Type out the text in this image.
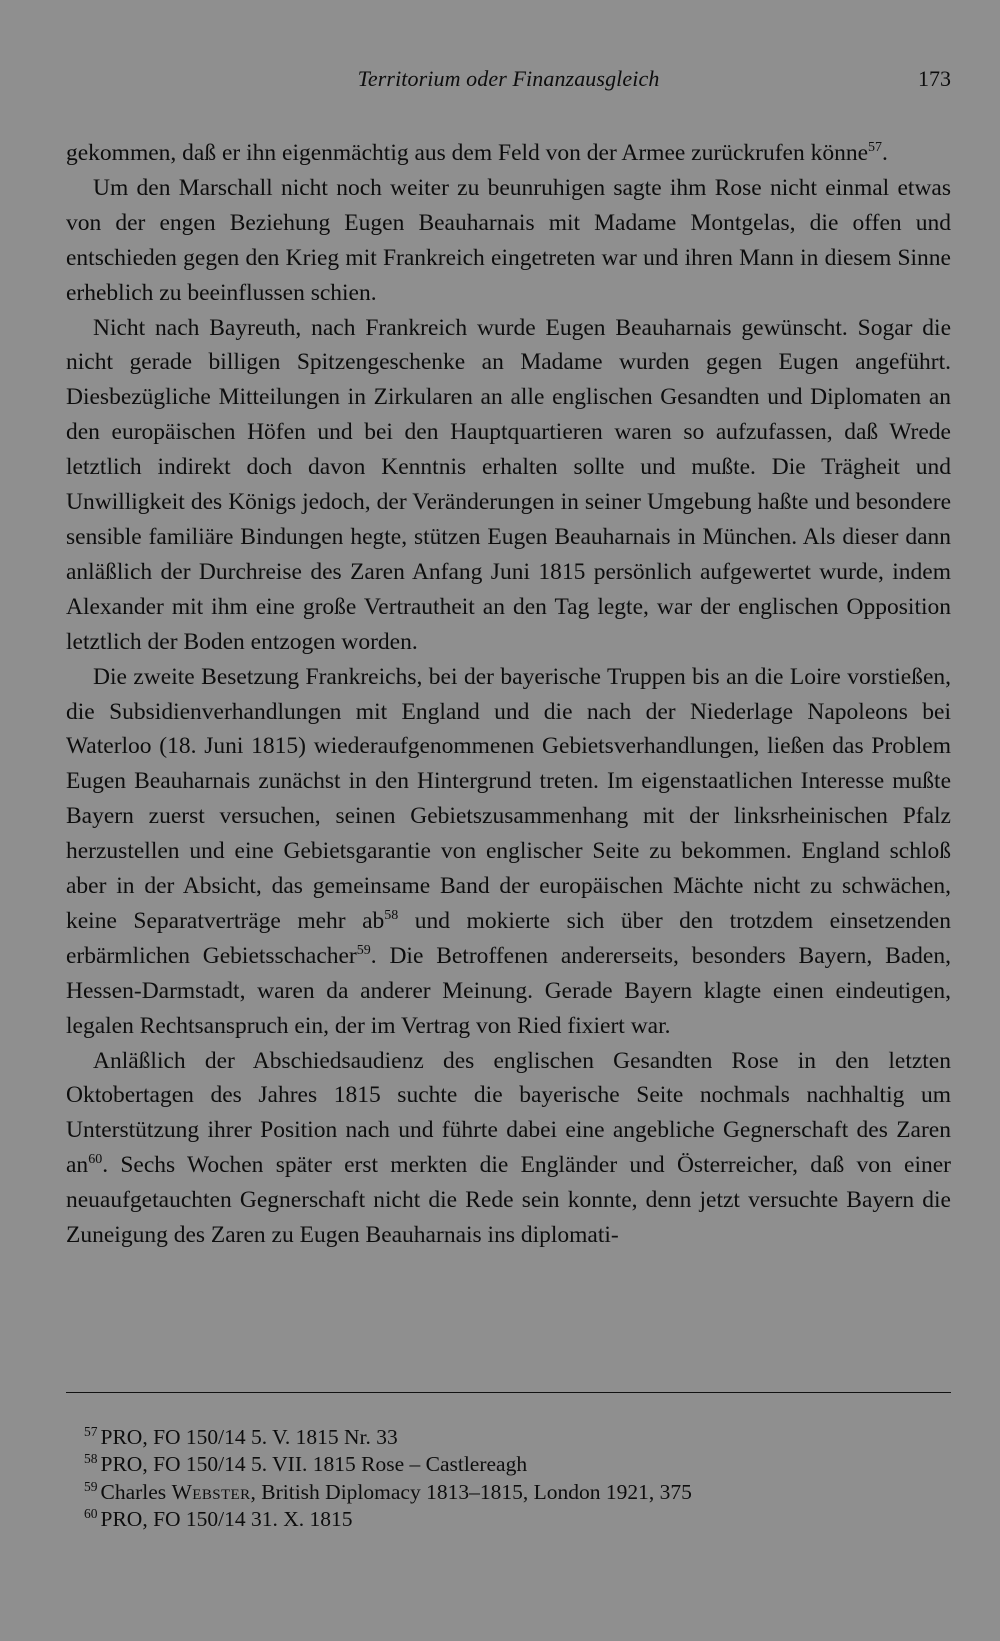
Territorium oder Finanzausgleich	173

gekommen, daß er ihn eigenmächtig aus dem Feld von der Armee zurückrufen könne$^{57}$.

Um den Marschall nicht noch weiter zu beunruhigen sagte ihm Rose nicht einmal etwas von der engen Beziehung Eugen Beauharnais mit Madame Montgelas, die offen und entschieden gegen den Krieg mit Frankreich eingetreten war und ihren Mann in diesem Sinne erheblich zu beeinflussen schien.

Nicht nach Bayreuth, nach Frankreich wurde Eugen Beauharnais gewünscht. Sogar die nicht gerade billigen Spitzengeschenke an Madame wurden gegen Eugen angeführt. Diesbezügliche Mitteilungen in Zirkularen an alle englischen Gesandten und Diplomaten an den europäischen Höfen und bei den Hauptquartieren waren so aufzufassen, daß Wrede letztlich indirekt doch davon Kenntnis erhalten sollte und mußte. Die Trägheit und Unwilligkeit des Königs jedoch, der Veränderungen in seiner Umgebung haßte und besondere sensible familiäre Bindungen hegte, stützen Eugen Beauharnais in München. Als dieser dann anläßlich der Durchreise des Zaren Anfang Juni 1815 persönlich aufgewertet wurde, indem Alexander mit ihm eine große Vertrautheit an den Tag legte, war der englischen Opposition letztlich der Boden entzogen worden.

Die zweite Besetzung Frankreichs, bei der bayerische Truppen bis an die Loire vorstießen, die Subsidienverhandlungen mit England und die nach der Niederlage Napoleons bei Waterloo (18. Juni 1815) wiederaufgenommenen Gebietsverhandlungen, ließen das Problem Eugen Beauharnais zunächst in den Hintergrund treten. Im eigenstaatlichen Interesse mußte Bayern zuerst versuchen, seinen Gebietszusammenhang mit der linksrheinischen Pfalz herzustellen und eine Gebietsgarantie von englischer Seite zu bekommen. England schloß aber in der Absicht, das gemeinsame Band der europäischen Mächte nicht zu schwächen, keine Separatverträge mehr $ab^{58}$ und mokierte sich über den trotzdem einsetzenden erbärmlichen Gebietsschacher$^{59}$. Die Betroffenen andererseits, besonders Bayern, Baden, Hessen-Darmstadt, waren da anderer Meinung. Gerade Bayern klagte einen eindeutigen, legalen Rechtsanspruch ein, der im Vertrag von Ried fixiert war.

Anläßlich der Abschiedsaudienz des englischen Gesandten Rose in den letzten Oktobertagen des Jahres 1815 suchte die bayerische Seite nochmals nachhaltig um Unterstützung ihrer Position nach und führte dabei eine angebliche Gegnerschaft des Zaren $an^{60}$. Sechs Wochen später erst merkten die Engländer und Österreicher, daß von einer neuaufgetauchten Gegnerschaft nicht die Rede sein konnte, denn jetzt versuchte Bayern die Zuneigung des Zaren zu Eugen Beauharnais ins diplomati-

$^{57}$ PRO, FO 150/14 5. V. 1815 Nr. 33
$^{58}$ PRO, FO 150/14 5. VII. 1815 Rose – Castlereagh
$^{59}$ Charles Webster, British Diplomacy 1813–1815, London 1921, 375
$^{60}$ PRO, FO 150/14 31. X. 1815
